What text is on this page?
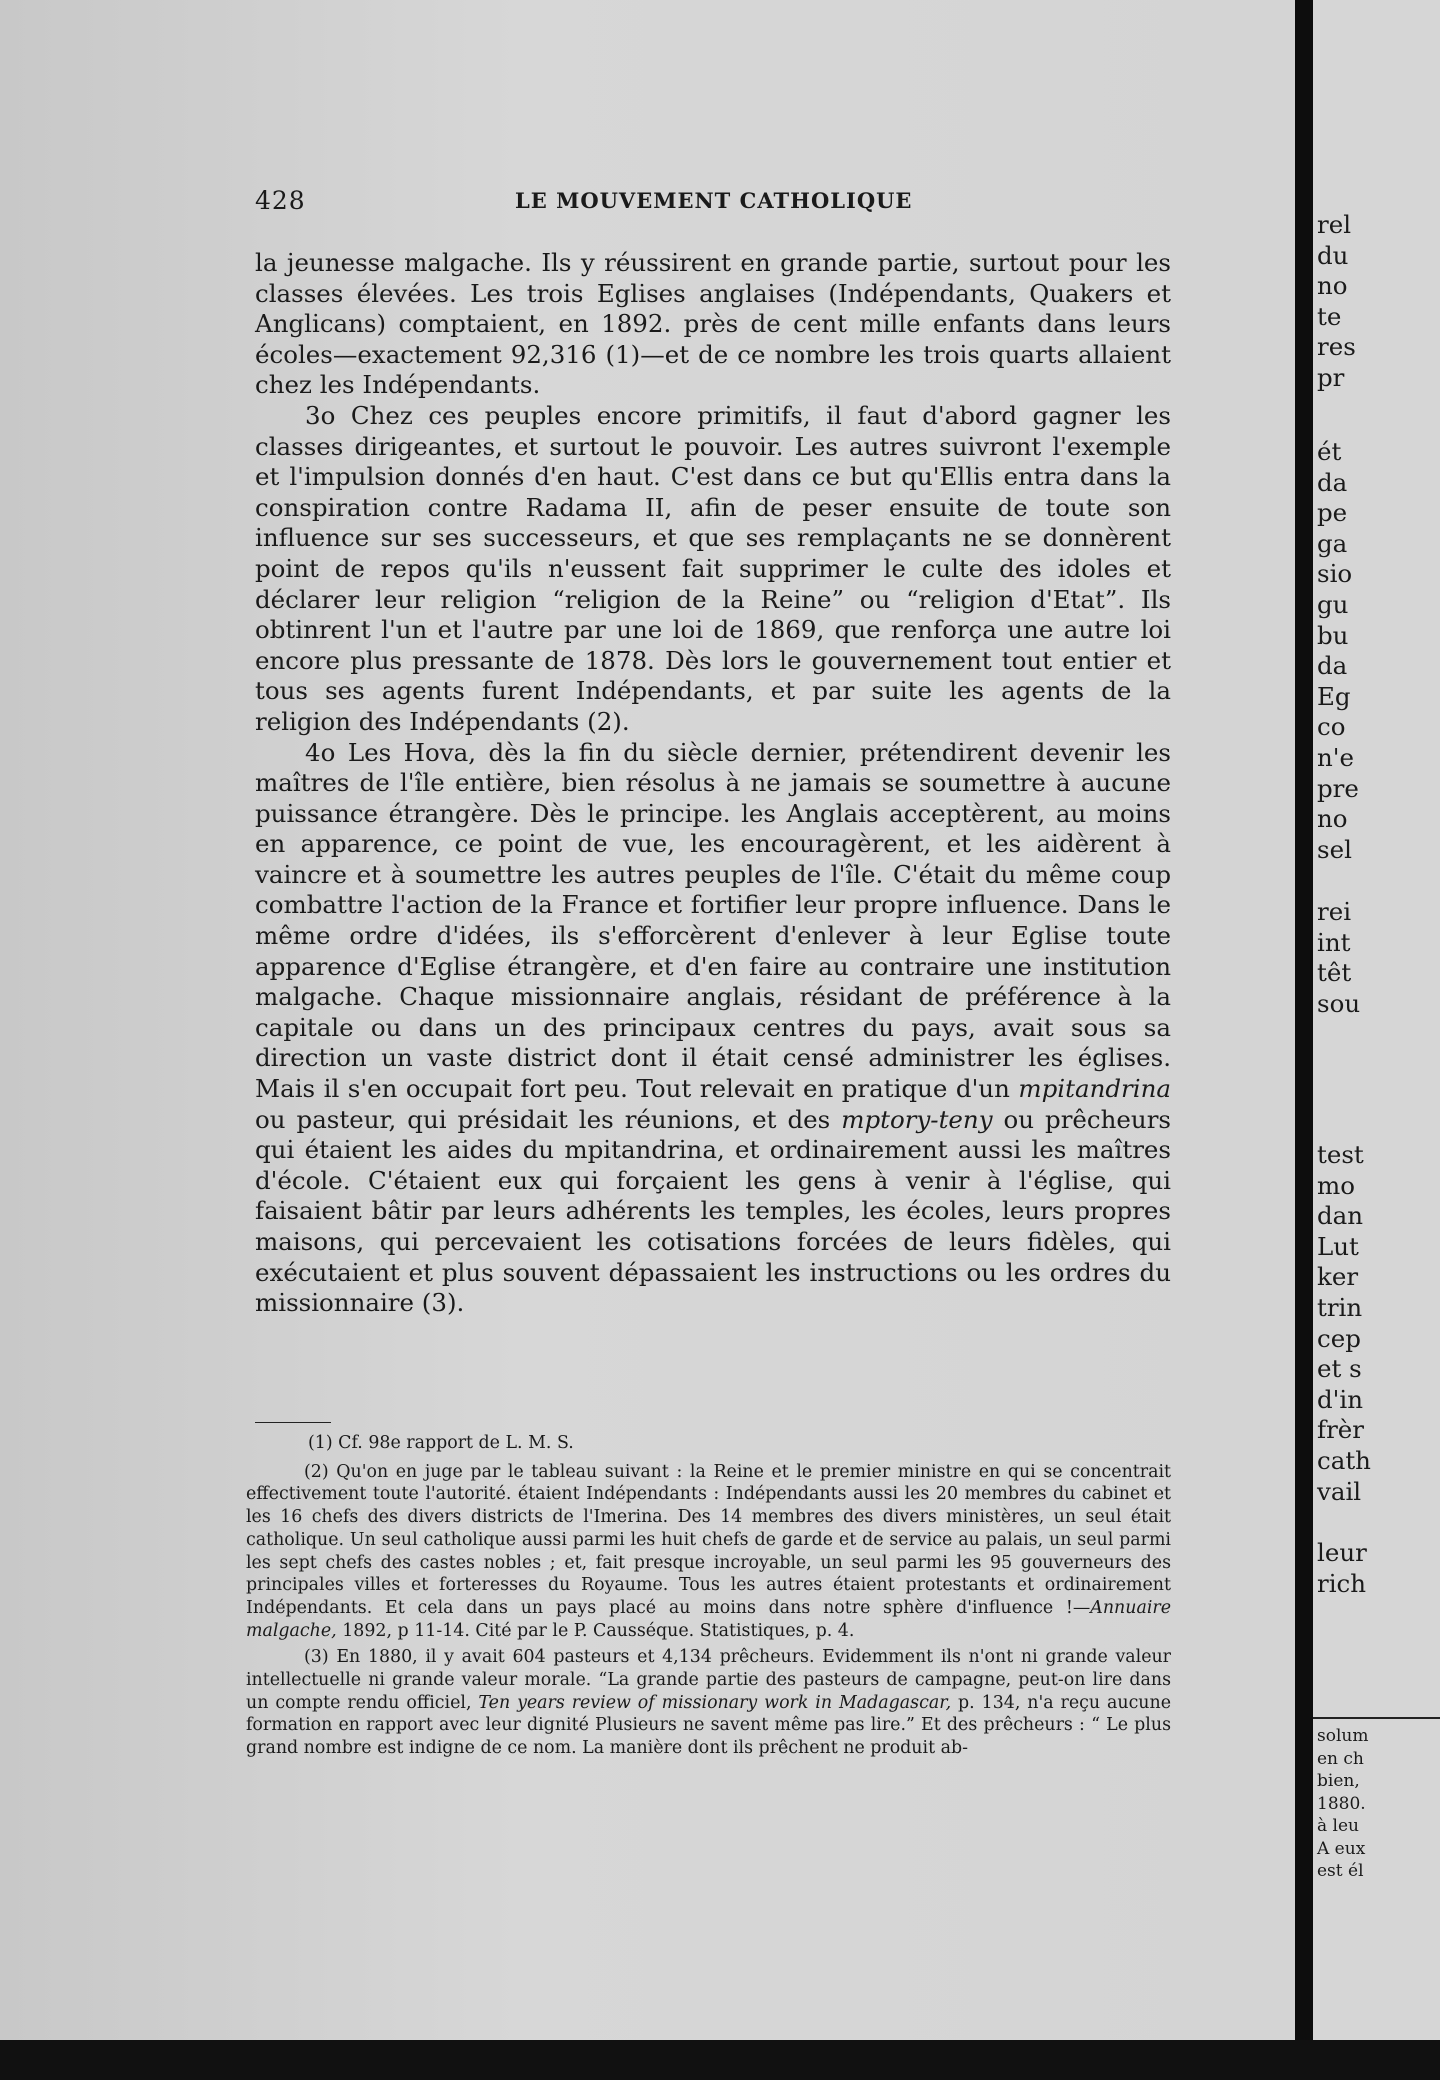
rel
du
no
te
res
pr
ét
da
pe
ga
sio
gu
bu
da
Eg
co
n'e
pre
no
sel
rei
int
têt
sou
test
mo
dan
Lut
ker
trin
cep
et s
d'in
frèr
cath
vail
leur
rich
solum
en ch
bien,
1880.
à leu
A eux
est él
428	LE MOUVEMENT CATHOLIQUE

la jeunesse malgache. Ils y réussirent en grande partie, surtout pour les classes élevées. Les trois Eglises anglaises (Indépendants, Quakers et Anglicans) comptaient, en 1892. près de cent mille enfants dans leurs écoles—exactement 92,316 (1)—et de ce nombre les trois quarts allaient chez les Indépendants.

3o Chez ces peuples encore primitifs, il faut d'abord gagner les classes dirigeantes, et surtout le pouvoir. Les autres suivront l'exemple et l'impulsion donnés d'en haut. C'est dans ce but qu'Ellis entra dans la conspiration contre Radama II, afin de peser ensuite de toute son influence sur ses successeurs, et que ses remplaçants ne se donnèrent point de repos qu'ils n'eussent fait supprimer le culte des idoles et déclarer leur religion “religion de la Reine” ou “religion d'Etat”. Ils obtinrent l'un et l'autre par une loi de 1869, que renforça une autre loi encore plus pressante de 1878. Dès lors le gouvernement tout entier et tous ses agents furent Indépendants, et par suite les agents de la religion des Indépendants (2).

4o Les Hova, dès la fin du siècle dernier, prétendirent devenir les maîtres de l'île entière, bien résolus à ne jamais se soumettre à aucune puissance étrangère. Dès le principe. les Anglais acceptèrent, au moins en apparence, ce point de vue, les encouragèrent, et les aidèrent à vaincre et à soumettre les autres peuples de l'île. C'était du même coup combattre l'action de la France et fortifier leur propre influence. Dans le même ordre d'idées, ils s'efforcèrent d'enlever à leur Eglise toute apparence d'Eglise étrangère, et d'en faire au contraire une institution malgache. Chaque missionnaire anglais, résidant de préférence à la capitale ou dans un des principaux centres du pays, avait sous sa direction un vaste district dont il était censé administrer les églises. Mais il s'en occupait fort peu. Tout relevait en pratique d'un mpitandrina ou pasteur, qui présidait les réunions, et des mptory-teny ou prêcheurs qui étaient les aides du mpitandrina, et ordinairement aussi les maîtres d'école. C'étaient eux qui forçaient les gens à venir à l'église, qui faisaient bâtir par leurs adhérents les temples, les écoles, leurs propres maisons, qui percevaient les cotisations forcées de leurs fidèles, qui exécutaient et plus souvent dépassaient les instructions ou les ordres du missionnaire (3).

(1) Cf. 98e rapport de L. M. S.

(2) Qu'on en juge par le tableau suivant : la Reine et le premier ministre en qui se concentrait effectivement toute l'autorité. étaient Indépendants : Indépendants aussi les 20 membres du cabinet et les 16 chefs des divers districts de l'Imerina. Des 14 membres des divers ministères, un seul était catholique. Un seul catholique aussi parmi les huit chefs de garde et de service au palais, un seul parmi les sept chefs des castes nobles ; et, fait presque incroyable, un seul parmi les 95 gouverneurs des principales villes et forteresses du Royaume. Tous les autres étaient protestants et ordinairement Indépendants. Et cela dans un pays placé au moins dans notre sphère d'influence !—Annuaire malgache, 1892, p 11-14. Cité par le P. Causséque. Statistiques, p. 4.

(3) En 1880, il y avait 604 pasteurs et 4,134 prêcheurs. Evidemment ils n'ont ni grande valeur intellectuelle ni grande valeur morale. “La grande partie des pasteurs de campagne, peut-on lire dans un compte rendu officiel, Ten years review of missionary work in Madagascar, p. 134, n'a reçu aucune formation en rapport avec leur dignité Plusieurs ne savent même pas lire.” Et des prêcheurs : “ Le plus grand nombre est indigne de ce nom. La manière dont ils prêchent ne produit ab-
